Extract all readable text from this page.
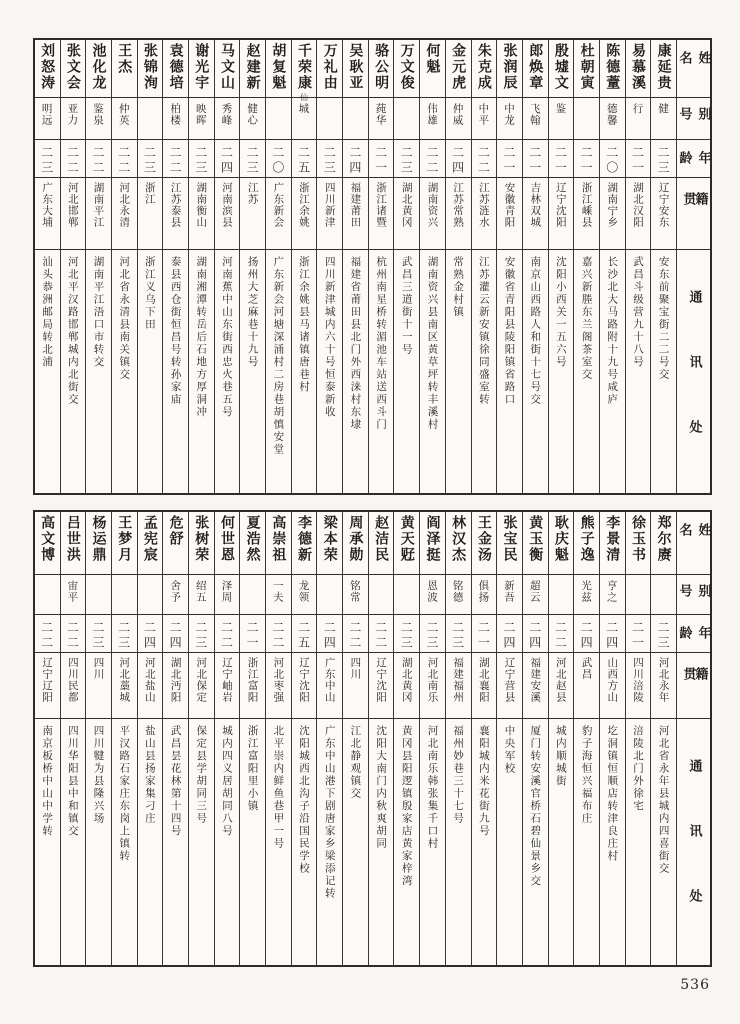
姓名
别号
年龄
籍贯
通讯处
康延贵
健
二三
辽宁安东
安东前聚宝街二二号交
易慕溪
行
二一
湖北汉阳
武昌斗级营九十八号
陈德蕫
德馨
二〇
湖南宁乡
长沙北大马路附十九号咸庐
杜朝寅
二一
浙江嵊县
嘉兴新塍东兰阁茶室交
殷墟文
鉴
二一
辽宁沈阳
沈阳小西关一五六号
郎焕章
飞翰
二一
吉林双城
南京山西路人和街十七号交
张润辰
中龙
二一
安徽青阳
安徽省青阳县陵阳镇省路口
朱克成
中平
二二
江苏涟水
江苏灌云新安镇徐同盛室转
金元虎
仲威
二四
江苏常熟
常熟金村镇
何魁
伟雄
二二
湖南资兴
湖南资兴县南区黄草坪转丰溪村
万文俊
二三
湖北黄冈
武昌三道街十一号
骆公明
莼华
二一
浙江诸暨
杭州南星桥转湄池车站送西斗门
吴耿亚
二四
福建莆田
福建省莆田县北门外西涞村东埭
万礼由
二三
四川新津
四川新津城内六十号恒泰新收
千荣康
仙
城
二五
浙江余姚
浙江余姚县马诸镇唐巷村
胡复魁
二〇
广东新会
广东新会河塘深涌村二房巷胡慎安堂
赵建新
健心
二三
江苏
扬州大芝麻巷十九号
马文山
秀峰
二四
河南滨县
河南蕉中山东街西忠火巷五号
谢光宇
映晖
二三
湖南衡山
湖南湘潭转岳后石地方厚洞冲
袁德培
柏楼
二二
江苏泰县
泰县西仓街恒昌号转孙家庙
张锦洵
二三
浙江
浙江义乌下田
王杰
仲英
二二
河北永清
河北省永清县南关镇交
池化龙
鉴泉
二二
湖南平江
湖南平江浯口市转交
张文会
亚力
二二
河北邯郸
河北平汉路邯郸城内北街交
刘怒涛
明远
二三
广东大埔
汕头恭洲邮局转北浦
姓名
别号
年龄
籍贯
通讯处
郑尔赓
二三
河北永年
河北省永年县城内四喜街交
徐玉书
二一
四川涪陵
涪陵北门外徐宅
李景清
亨之
二四
山西方山
圪洞镇恒顺店转津良庄村
熊子逸
光兹
二四
武昌
豹子海恒兴福布庄
耿庆魁
二二
河北赵县
城内顺城街
黄玉衡
超云
二四
福建安溪
厦门转安溪官桥石碧仙景乡交
张宝民
新吾
二四
辽宁营县
中央军校
王金汤
俱扬
二一
湖北襄阳
襄阳城内米花街九号
林汉杰
铭德
二三
福建福州
福州妙巷三十七号
阎泽挺
恩波
二三
河北南乐
河北南乐韩张集千口村
黄天觃
二三
湖北黄冈
黄冈县阳逻镇殷家店黄家梓湾
赵洁民
二二
辽宁沈阳
沈阳大南门内秋爽胡同
周承勋
铭常
二二
四川
江北静观镇交
梁本荣
二四
广东中山
广东中山港下剧唐家乡梁添记转
李德新
龙领
二五
辽宁沈阳
沈阳城西北沟子沿国民学校
高崇祖
一夫
二二
河北枣强
北平崇内鲜鱼巷甲一号
夏浩然
二一
浙江富阳
浙江富阳里小镇
何世恩
泽周
二二
辽宁岫岩
城内四义居胡同八号
张树荣
绍五
二三
河北保定
保定县学胡同三号
危舒
舍予
二四
湖北沔阳
武昌昙花林第十四号
孟宪宸
二四
河北盐山
盐山县扬家集刁庄
王梦月
二三
河北藁城
平汉路石家庄东岗上镇转
杨运鼎
二三
四川
四川犍为县隆兴场
吕世洪
宙平
二二
四川民都
四川华阳县中和镇交
高文博
二二
辽宁辽阳
南京板桥中山中学转
536
